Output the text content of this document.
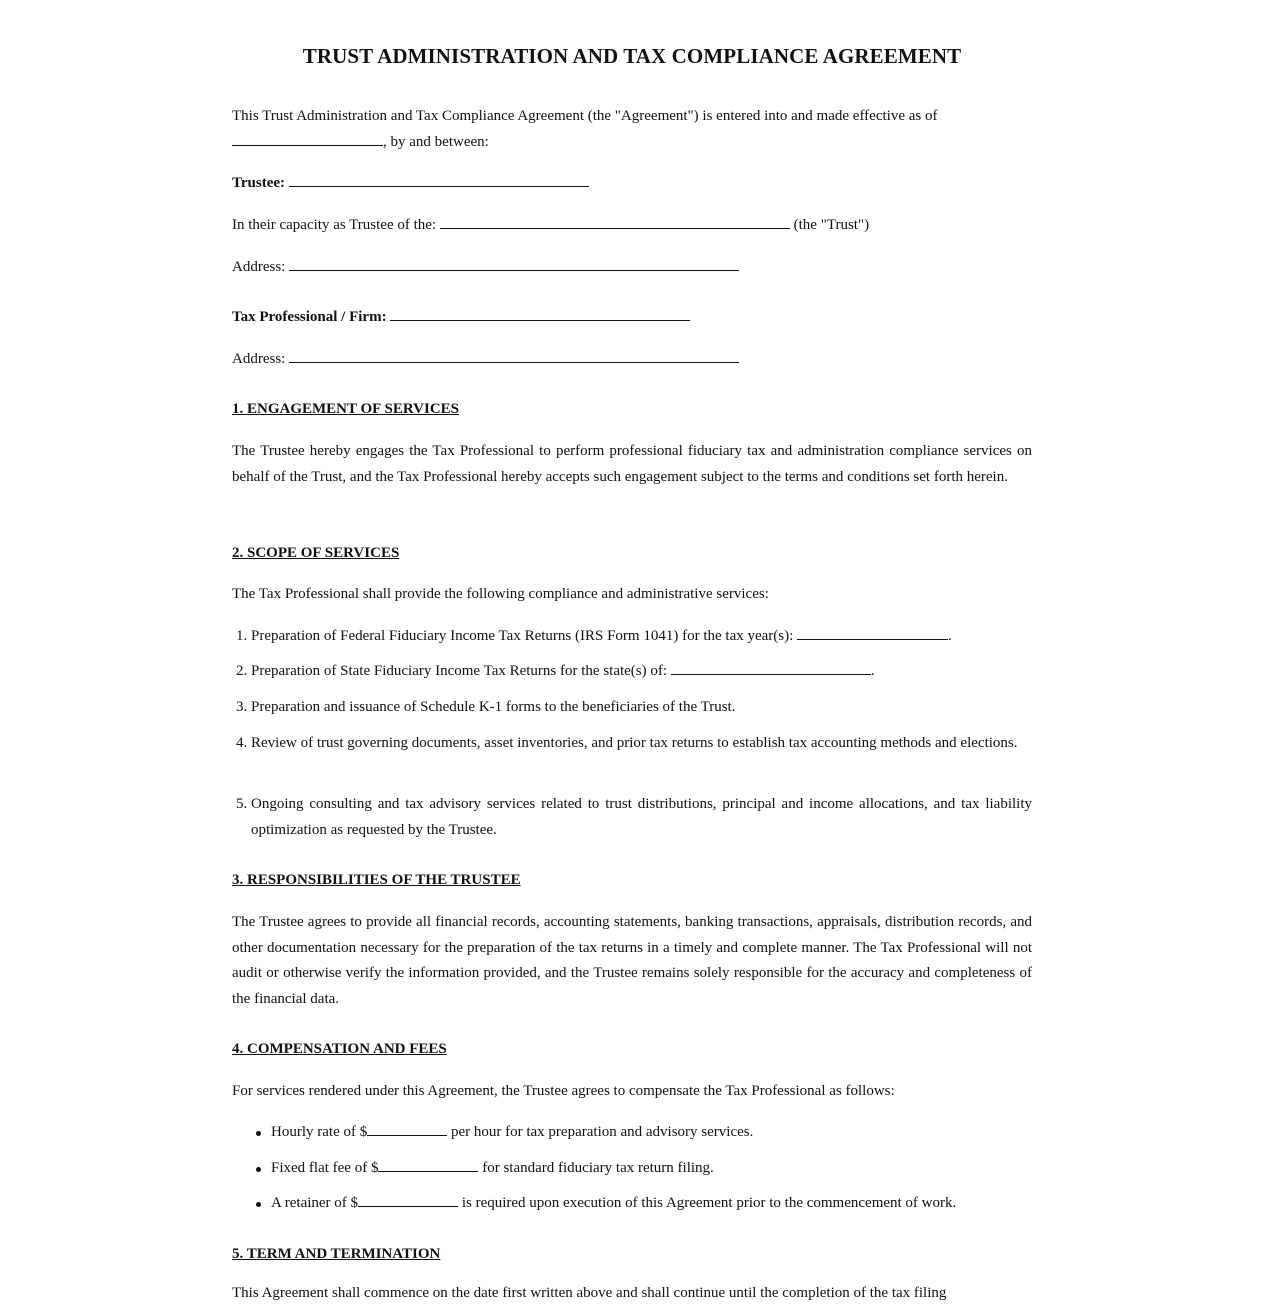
TRUST ADMINISTRATION AND TAX COMPLIANCE AGREEMENT

This Trust Administration and Tax Compliance Agreement (the "Agreement") is entered into and made effective as of
, by and between:

Trustee:
In their capacity as Trustee of the:	(the "Trust")
Address:
Tax Professional / Firm:
Address:
1. ENGAGEMENT OF SERVICES

The Trustee hereby engages the Tax Professional to perform professional fiduciary tax and administration compliance services on behalf of the Trust, and the Tax Professional hereby accepts such engagement subject to the terms and conditions set forth herein.

2. SCOPE OF SERVICES

The Tax Professional shall provide the following compliance and administrative services:

1. Preparation of Federal Fiduciary Income Tax Returns (IRS Form 1041) for the tax year(s):	.
2. Preparation of State Fiduciary Income Tax Returns for the state(s) of:	.
3. Preparation and issuance of Schedule K-1 forms to the beneficiaries of the Trust.
4. Review of trust governing documents, asset inventories, and prior tax returns to establish tax accounting methods and elections.
5. Ongoing consulting and tax advisory services related to trust distributions, principal and income allocations, and tax liability optimization as requested by the Trustee.
3. RESPONSIBILITIES OF THE TRUSTEE

The Trustee agrees to provide all financial records, accounting statements, banking transactions, appraisals, distribution records, and other documentation necessary for the preparation of the tax returns in a timely and complete manner. The Tax Professional will not audit or otherwise verify the information provided, and the Trustee remains solely responsible for the accuracy and completeness of the financial data.

4. COMPENSATION AND FEES

For services rendered under this Agreement, the Trustee agrees to compensate the Tax Professional as follows:

Hourly rate of $	per hour for tax preparation and advisory services.
Fixed flat fee of $	for standard fiduciary tax return filing.
A retainer of $	is required upon execution of this Agreement prior to the commencement of work.
5. TERM AND TERMINATION

This Agreement shall commence on the date first written above and shall continue until the completion of the tax filing
